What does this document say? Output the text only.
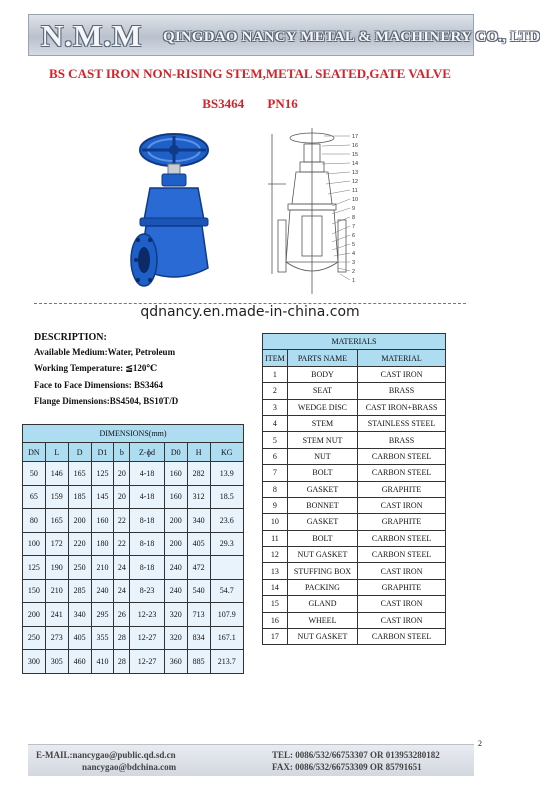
N.M.M QINGDAO NANCY METAL & MACHINERY CO., LTD
BS CAST IRON NON-RISING STEM,METAL SEATED,GATE VALVE
BS3464 PN16
17
16
15
14
13
12
11
10
9
8
7
6
5
4
3
2
1
qdnancy.en.made-in-china.com
DESCRIPTION:
Available Medium:Water, Petroleum
Working Temperature: ≦120℃
Face to Face Dimensions: BS3464
Flange Dimensions:BS4504, BS10T/D
DIMENSIONS(mm)								
DN	L	D	D1	b	Z-ɸd	D0	H	KG
50	146	165	125	20	4-18	160	282	13.9
65	159	185	145	20	4-18	160	312	18.5
80	165	200	160	22	8-18	200	340	23.6
100	172	220	180	22	8-18	200	405	29.3
125	190	250	210	24	8-18	240	472	
150	210	285	240	24	8-23	240	540	54.7
200	241	340	295	26	12-23	320	713	107.9
250	273	405	355	28	12-27	320	834	167.1
300	305	460	410	28	12-27	360	885	213.7
MATERIALS		
ITEM	PARTS NAME	MATERIAL
1	BODY	CAST IRON
2	SEAT	BRASS
3	WEDGE DISC	CAST IRON+BRASS
4	STEM	STAINLESS STEEL
5	STEM NUT	BRASS
6	NUT	CARBON STEEL
7	BOLT	CARBON STEEL
8	GASKET	GRAPHITE
9	BONNET	CAST IRON
10	GASKET	GRAPHITE
11	BOLT	CARBON STEEL
12	NUT GASKET	CARBON STEEL
13	STUFFING BOX	CAST IRON
14	PACKING	GRAPHITE
15	GLAND	CAST IRON
16	WHEEL	CAST IRON
17	NUT GASKET	CARBON STEEL
2
E-MAIL:nancygao@public.qd.sd.cn
nancygao@bdchina.com
TEL: 0086/532/66753307 OR 013953280182
FAX: 0086/532/66753309 OR 85791651
